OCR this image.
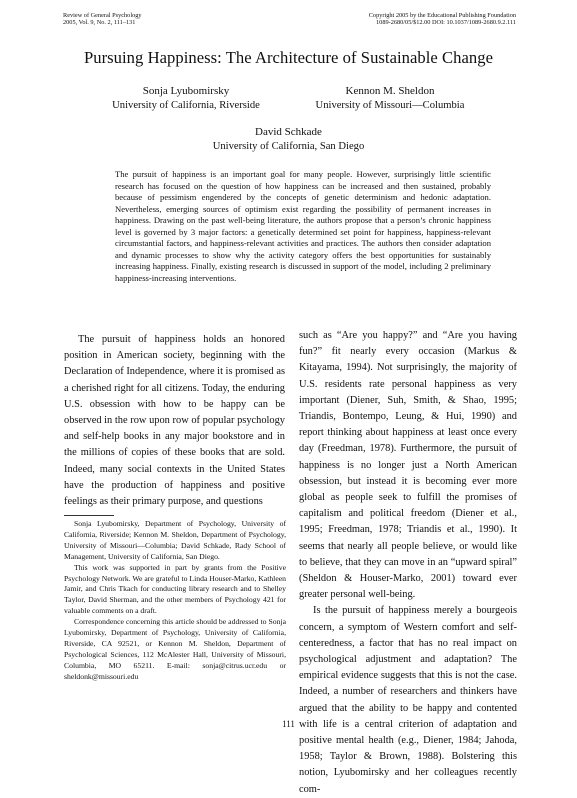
Review of General Psychology
2005, Vol. 9, No. 2, 111–131
Copyright 2005 by the Educational Publishing Foundation
1089-2680/05/$12.00 DOI: 10.1037/1089-2680.9.2.111
Pursuing Happiness: The Architecture of Sustainable Change
Sonja Lyubomirsky
University of California, Riverside
Kennon M. Sheldon
University of Missouri—Columbia
David Schkade
University of California, San Diego
The pursuit of happiness is an important goal for many people. However, surprisingly little scientific research has focused on the question of how happiness can be increased and then sustained, probably because of pessimism engendered by the concepts of genetic determinism and hedonic adaptation. Nevertheless, emerging sources of optimism exist regarding the possibility of permanent increases in happiness. Drawing on the past well-being literature, the authors propose that a person’s chronic happiness level is governed by 3 major factors: a genetically determined set point for happiness, happiness-relevant circumstantial factors, and happiness-relevant activities and practices. The authors then consider adaptation and dynamic processes to show why the activity category offers the best opportunities for sustainably increasing happiness. Finally, existing research is discussed in support of the model, including 2 preliminary happiness-increasing interventions.

The pursuit of happiness holds an honored position in American society, beginning with the Declaration of Independence, where it is promised as a cherished right for all citizens. Today, the enduring U.S. obsession with how to be happy can be observed in the row upon row of popular psychology and self-help books in any major bookstore and in the millions of copies of these books that are sold. Indeed, many social contexts in the United States have the production of happiness and positive feelings as their primary purpose, and questions

such as “Are you happy?” and “Are you having fun?” fit nearly every occasion (Markus & Kitayama, 1994). Not surprisingly, the majority of U.S. residents rate personal happiness as very important (Diener, Suh, Smith, & Shao, 1995; Triandis, Bontempo, Leung, & Hui, 1990) and report thinking about happiness at least once every day (Freedman, 1978). Furthermore, the pursuit of happiness is no longer just a North American obsession, but instead it is becoming ever more global as people seek to fulfill the promises of capitalism and political freedom (Diener et al., 1995; Freedman, 1978; Triandis et al., 1990). It seems that nearly all people believe, or would like to believe, that they can move in an “upward spiral” (Sheldon & Houser-Marko, 2001) toward ever greater personal well-being.

Is the pursuit of happiness merely a bourgeois concern, a symptom of Western comfort and self-centeredness, a factor that has no real impact on psychological adjustment and adaptation? The empirical evidence suggests that this is not the case. Indeed, a number of researchers and thinkers have argued that the ability to be happy and contented with life is a central criterion of adaptation and positive mental health (e.g., Diener, 1984; Jahoda, 1958; Taylor & Brown, 1988). Bolstering this notion, Lyubomirsky and her colleagues recently com-

Sonja Lyubomirsky, Department of Psychology, University of California, Riverside; Kennon M. Sheldon, Department of Psychology, University of Missouri—Columbia; David Schkade, Rady School of Management, University of California, San Diego.

This work was supported in part by grants from the Positive Psychology Network. We are grateful to Linda Houser-Marko, Kathleen Jamir, and Chris Tkach for conducting library research and to Shelley Taylor, David Sherman, and the other members of Psychology 421 for valuable comments on a draft.

Correspondence concerning this article should be addressed to Sonja Lyubomirsky, Department of Psychology, University of California, Riverside, CA 92521, or Kennon M. Sheldon, Department of Psychological Sciences, 112 McAlester Hall, University of Missouri, Columbia, MO 65211. E-mail: sonja@citrus.ucr.edu or sheldonk@missouri.edu

111
